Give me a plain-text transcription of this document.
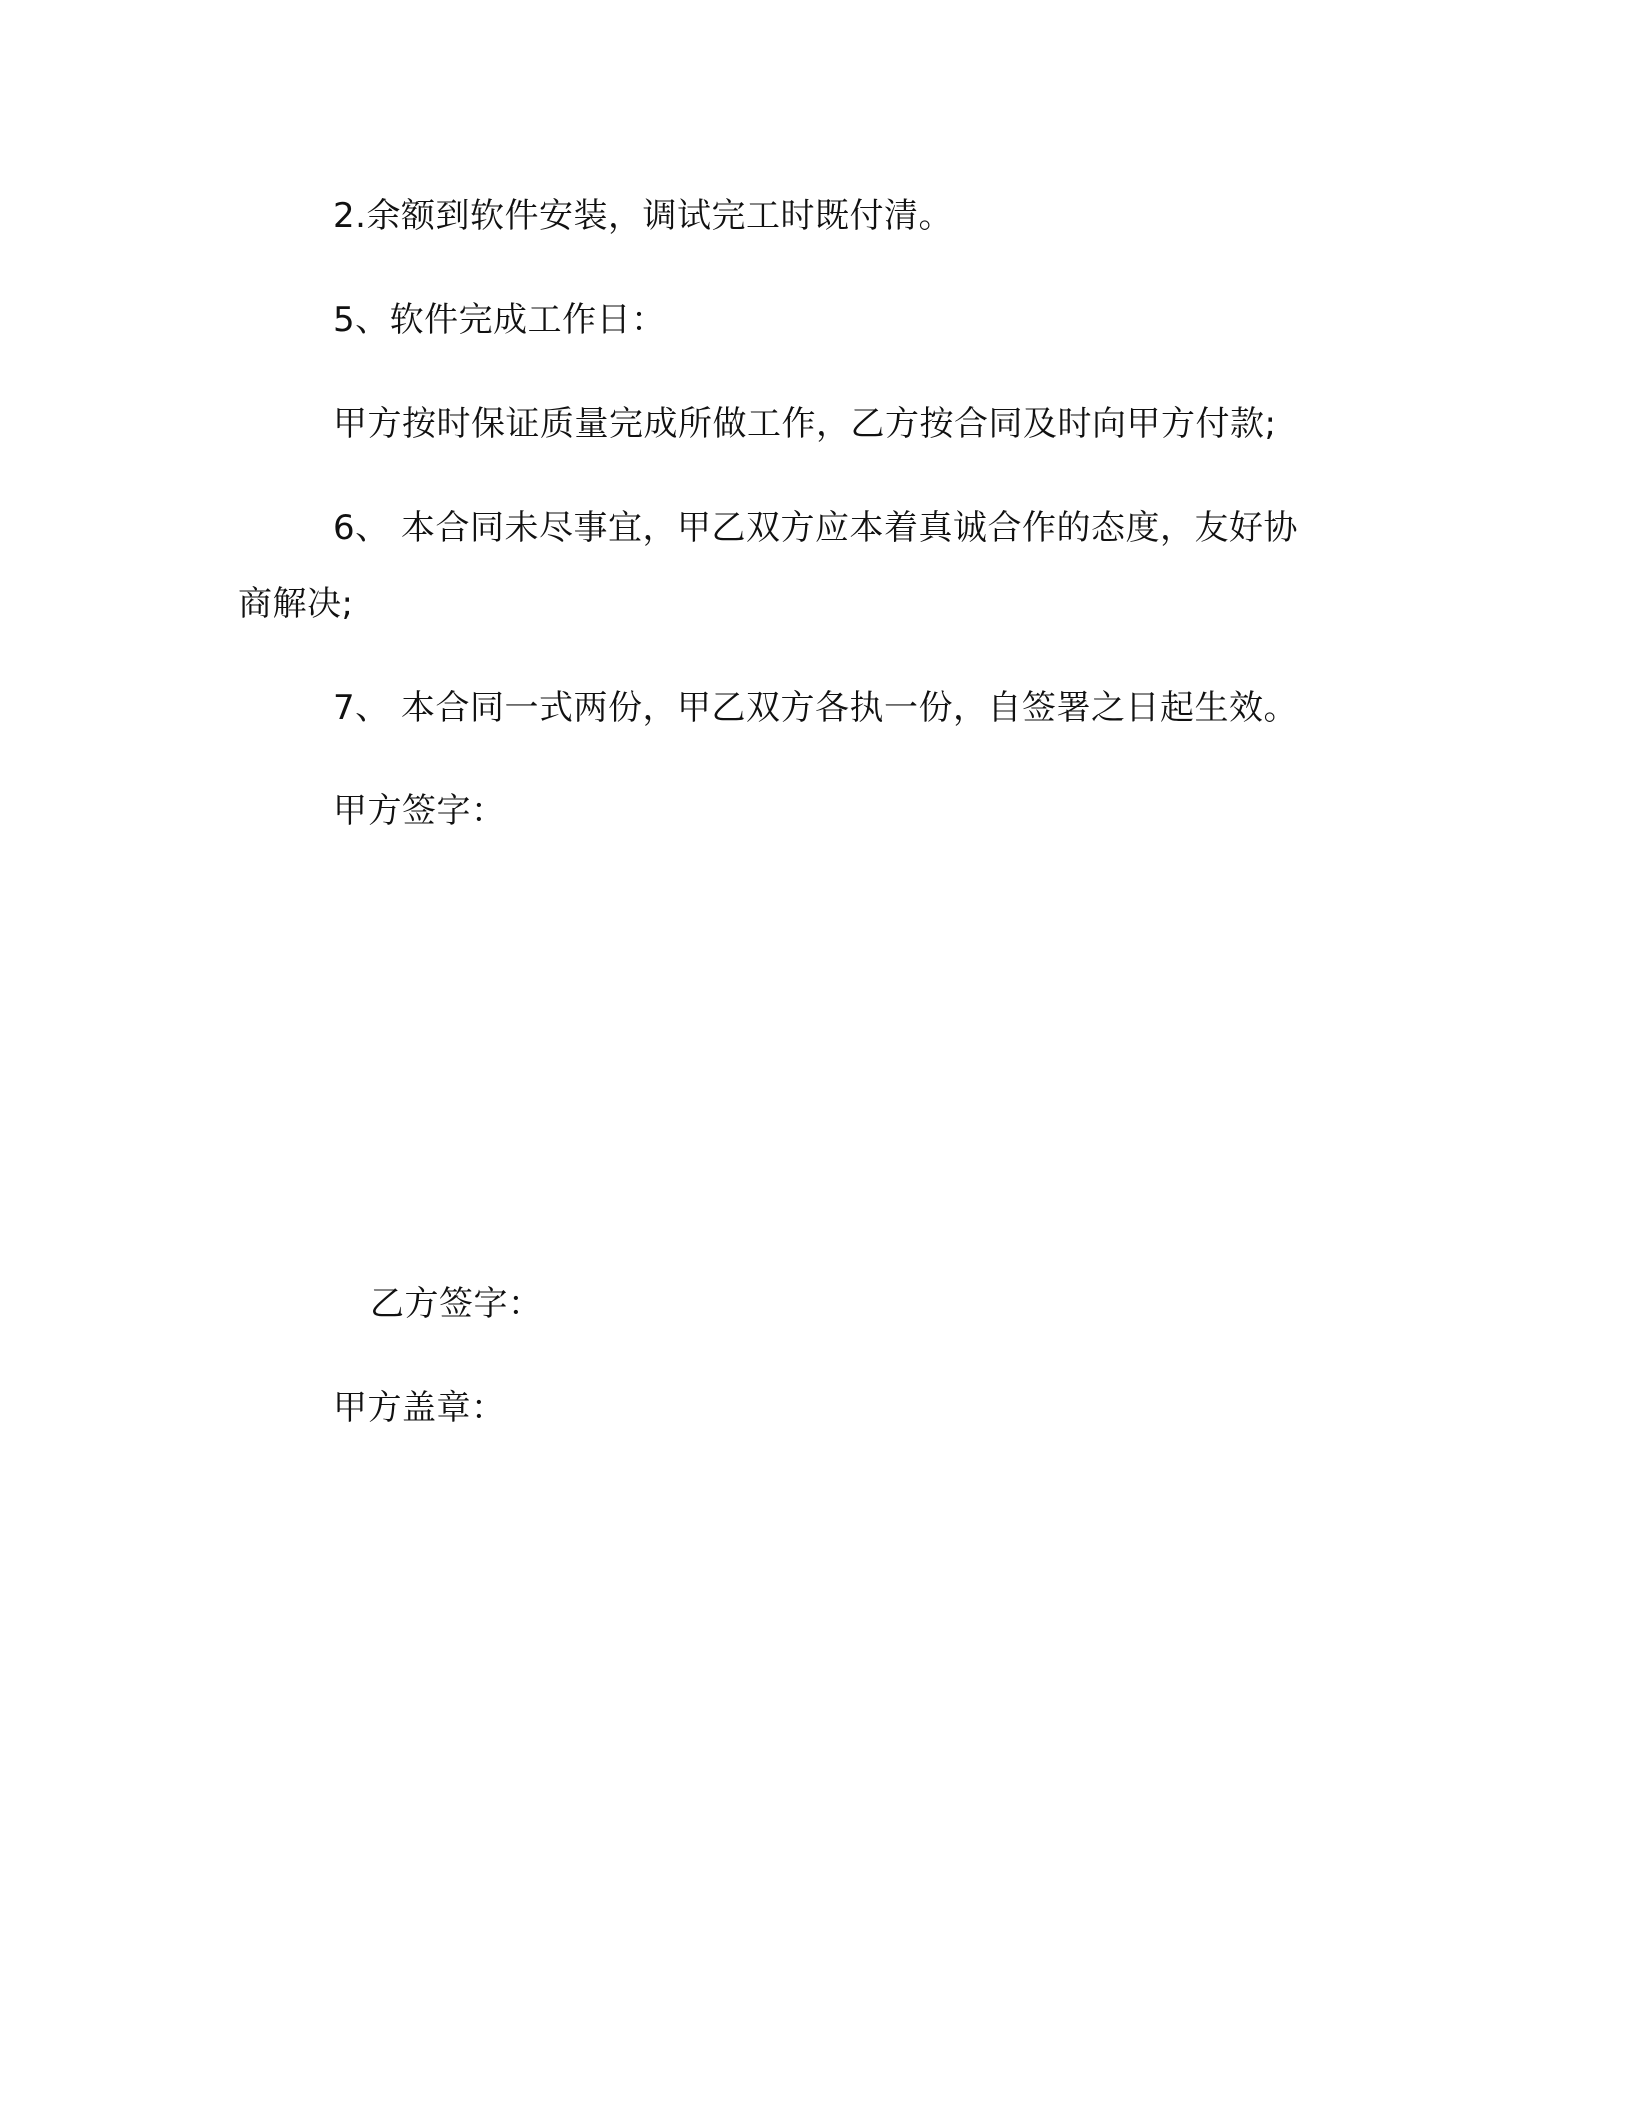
2.余额到软件安装，调试完工时既付清。
5、软件完成工作日：
甲方按时保证质量完成所做工作，乙方按合同及时向甲方付款;
6、 本合同未尽事宜，甲乙双方应本着真诚合作的态度，友好协
商解决;
7、 本合同一式两份，甲乙双方各执一份，自签署之日起生效。
甲方签字：
乙方签字：
甲方盖章：
